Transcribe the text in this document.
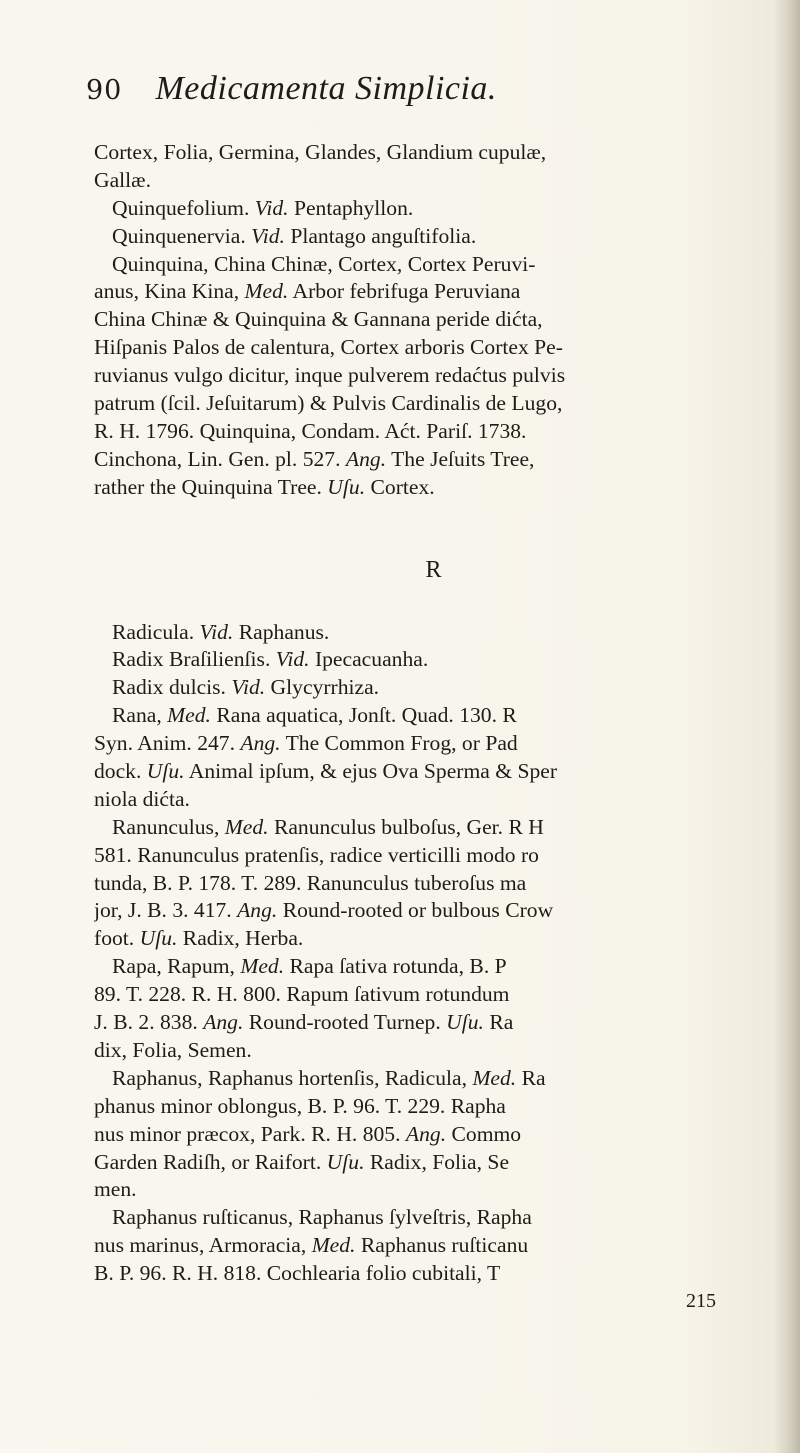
90 Medicamenta Simplicia.
Cortex, Folia, Germina, Glandes, Glandium cupulæ,
Gallæ.
Quinquefolium. Vid. Pentaphyllon.
Quinquenervia. Vid. Plantago anguſtifolia.
Quinquina, China Chinæ, Cortex, Cortex Peruvi-
anus, Kina Kina, Med. Arbor febrifuga Peruviana
China Chinæ & Quinquina & Gannana peride dićta,
Hiſpanis Palos de calentura, Cortex arboris Cortex Pe-
ruvianus vulgo dicitur, inque pulverem redaćtus pulvis
patrum (ſcil. Jeſuitarum) & Pulvis Cardinalis de Lugo,
R. H. 1796. Quinquina, Condam. Aćt. Pariſ. 1738.
Cinchona, Lin. Gen. pl. 527. Ang. The Jeſuits Tree,
rather the Quinquina Tree. Uſu. Cortex.
R
Radicula. Vid. Raphanus.
Radix Braſilienſis. Vid. Ipecacuanha.
Radix dulcis. Vid. Glycyrrhiza.
Rana, Med. Rana aquatica, Jonſt. Quad. 130. R
Syn. Anim. 247. Ang. The Common Frog, or Pad
dock. Uſu. Animal ipſum, & ejus Ova Sperma & Sper
niola dićta.
Ranunculus, Med. Ranunculus bulboſus, Ger. R H
581. Ranunculus pratenſis, radice verticilli modo ro
tunda, B. P. 178. T. 289. Ranunculus tuberoſus ma
jor, J. B. 3. 417. Ang. Round-rooted or bulbous Crow
foot. Uſu. Radix, Herba.
Rapa, Rapum, Med. Rapa ſativa rotunda, B. P
89. T. 228. R. H. 800. Rapum ſativum rotundum
J. B. 2. 838. Ang. Round-rooted Turnep. Uſu. Ra
dix, Folia, Semen.
Raphanus, Raphanus hortenſis, Radicula, Med. Ra
phanus minor oblongus, B. P. 96. T. 229. Rapha
nus minor præcox, Park. R. H. 805. Ang. Commo
Garden Radiſh, or Raifort. Uſu. Radix, Folia, Se
men.
Raphanus ruſticanus, Raphanus ſylveſtris, Rapha
nus marinus, Armoracia, Med. Raphanus ruſticanu
B. P. 96. R. H. 818. Cochlearia folio cubitali, T
215
